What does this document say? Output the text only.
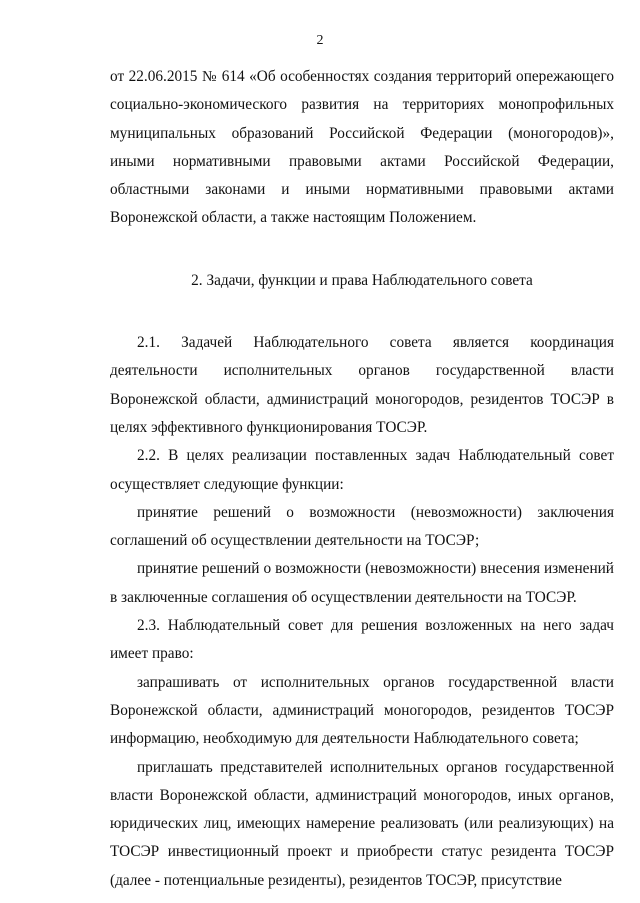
2

от 22.06.2015 № 614 «Об особенностях создания территорий опережающего социально-экономического развития на территориях монопрофильных муниципальных образований Российской Федерации (моногородов)», иными нормативными правовыми актами Российской Федерации, областными законами и иными нормативными правовыми актами Воронежской области, а также настоящим Положением.

2. Задачи, функции и права Наблюдательного совета

2.1. Задачей Наблюдательного совета является координация деятельности исполнительных органов государственной власти Воронежской области, администраций моногородов, резидентов ТОСЭР в целях эффективного функционирования ТОСЭР.

2.2. В целях реализации поставленных задач Наблюдательный совет осуществляет следующие функции:

принятие решений о возможности (невозможности) заключения соглашений об осуществлении деятельности на ТОСЭР;

принятие решений о возможности (невозможности) внесения изменений в заключенные соглашения об осуществлении деятельности на ТОСЭР.

2.3. Наблюдательный совет для решения возложенных на него задач имеет право:

запрашивать от исполнительных органов государственной власти Воронежской области, администраций моногородов, резидентов ТОСЭР информацию, необходимую для деятельности Наблюдательного совета;

приглашать представителей исполнительных органов государственной власти Воронежской области, администраций моногородов, иных органов, юридических лиц, имеющих намерение реализовать (или реализующих) на ТОСЭР инвестиционный проект и приобрести статус резидента ТОСЭР (далее - потенциальные резиденты), резидентов ТОСЭР, присутствие
